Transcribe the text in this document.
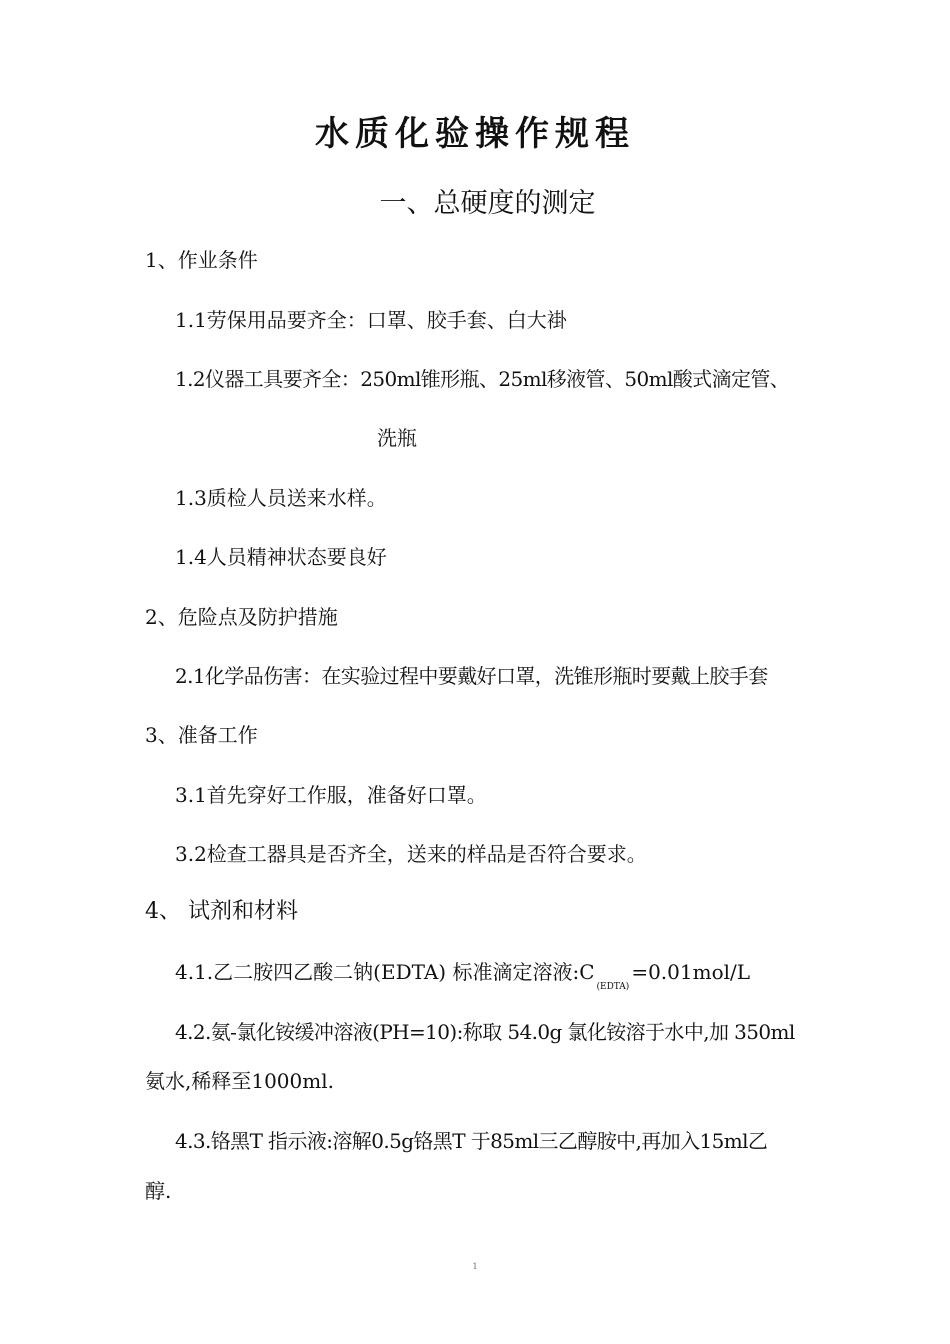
水质化验操作规程
一、总硬度的测定
1、作业条件
1.1劳保用品要齐全：口罩、胶手套、白大褂
1.2仪器工具要齐全：250ml锥形瓶、25ml移液管、50ml酸式滴定管、
洗瓶
1.3质检人员送来水样。
1.4人员精神状态要良好
2、危险点及防护措施
2.1化学品伤害：在实验过程中要戴好口罩，洗锥形瓶时要戴上胶手套
3、准备工作
3.1首先穿好工作服，准备好口罩。
3.2检查工器具是否齐全，送来的样品是否符合要求。
4、 试剂和材料
4.1.乙二胺四乙酸二钠(EDTA) 标准滴定溶液$:C_{(EDTA)}=0.01mol/L$
4.2.氨-氯化铵缓冲溶液(PH=10):称取 54.0g 氯化铵溶于水中,加 350ml
氨水,稀释至1000ml.
4.3.铬黑T 指示液:溶解0.5g铬黑T 于85ml三乙醇胺中,再加入15ml乙
醇.
1
